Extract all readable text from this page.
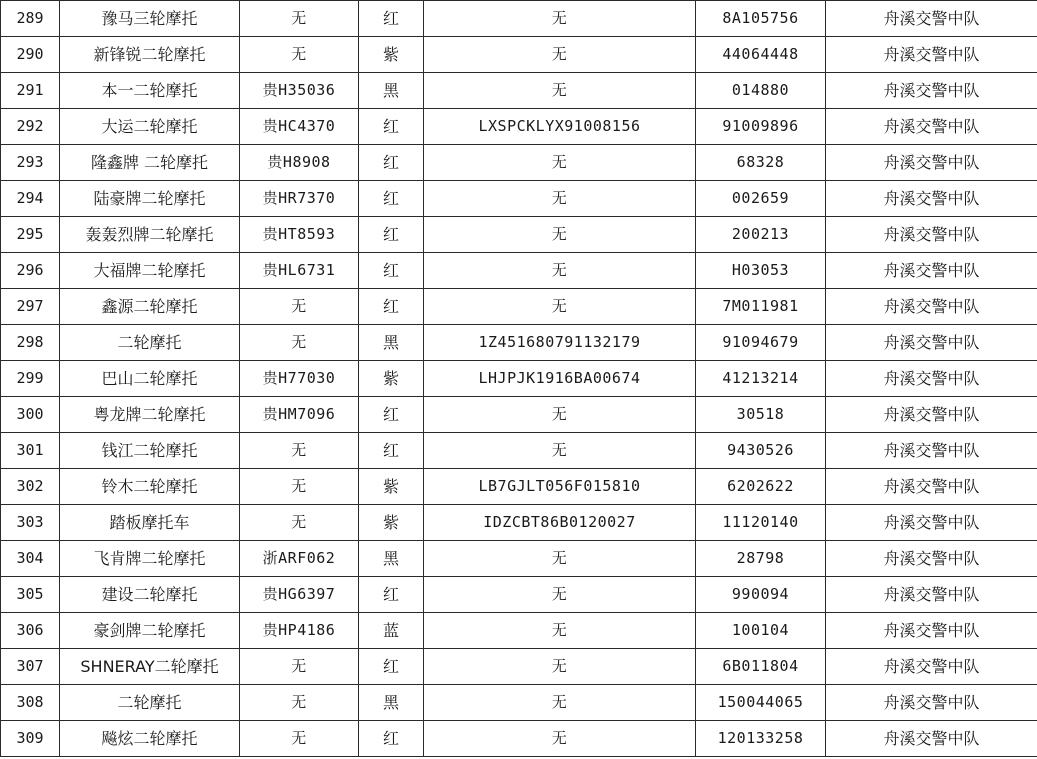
289	豫马三轮摩托	无	红	无	8A105756	舟溪交警中队
290	新锋锐二轮摩托	无	紫	无	44064448	舟溪交警中队
291	本一二轮摩托	贵H35036	黑	无	014880	舟溪交警中队
292	大运二轮摩托	贵HC4370	红	LXSPCKLYX91008156	91009896	舟溪交警中队
293	隆鑫牌 二轮摩托	贵H8908	红	无	68328	舟溪交警中队
294	陆豪牌二轮摩托	贵HR7370	红	无	002659	舟溪交警中队
295	轰轰烈牌二轮摩托	贵HT8593	红	无	200213	舟溪交警中队
296	大福牌二轮摩托	贵HL6731	红	无	H03053	舟溪交警中队
297	鑫源二轮摩托	无	红	无	7M011981	舟溪交警中队
298	二轮摩托	无	黑	1Z451680791132179	91094679	舟溪交警中队
299	巴山二轮摩托	贵H77030	紫	LHJPJK1916BA00674	41213214	舟溪交警中队
300	粤龙牌二轮摩托	贵HM7096	红	无	30518	舟溪交警中队
301	钱江二轮摩托	无	红	无	9430526	舟溪交警中队
302	铃木二轮摩托	无	紫	LB7GJLT056F015810	6202622	舟溪交警中队
303	踏板摩托车	无	紫	IDZCBT86B0120027	11120140	舟溪交警中队
304	飞肯牌二轮摩托	浙ARF062	黑	无	28798	舟溪交警中队
305	建设二轮摩托	贵HG6397	红	无	990094	舟溪交警中队
306	豪剑牌二轮摩托	贵HP4186	蓝	无	100104	舟溪交警中队
307	SHNERAY二轮摩托	无	红	无	6B011804	舟溪交警中队
308	二轮摩托	无	黑	无	150044065	舟溪交警中队
309	飚炫二轮摩托	无	红	无	120133258	舟溪交警中队
